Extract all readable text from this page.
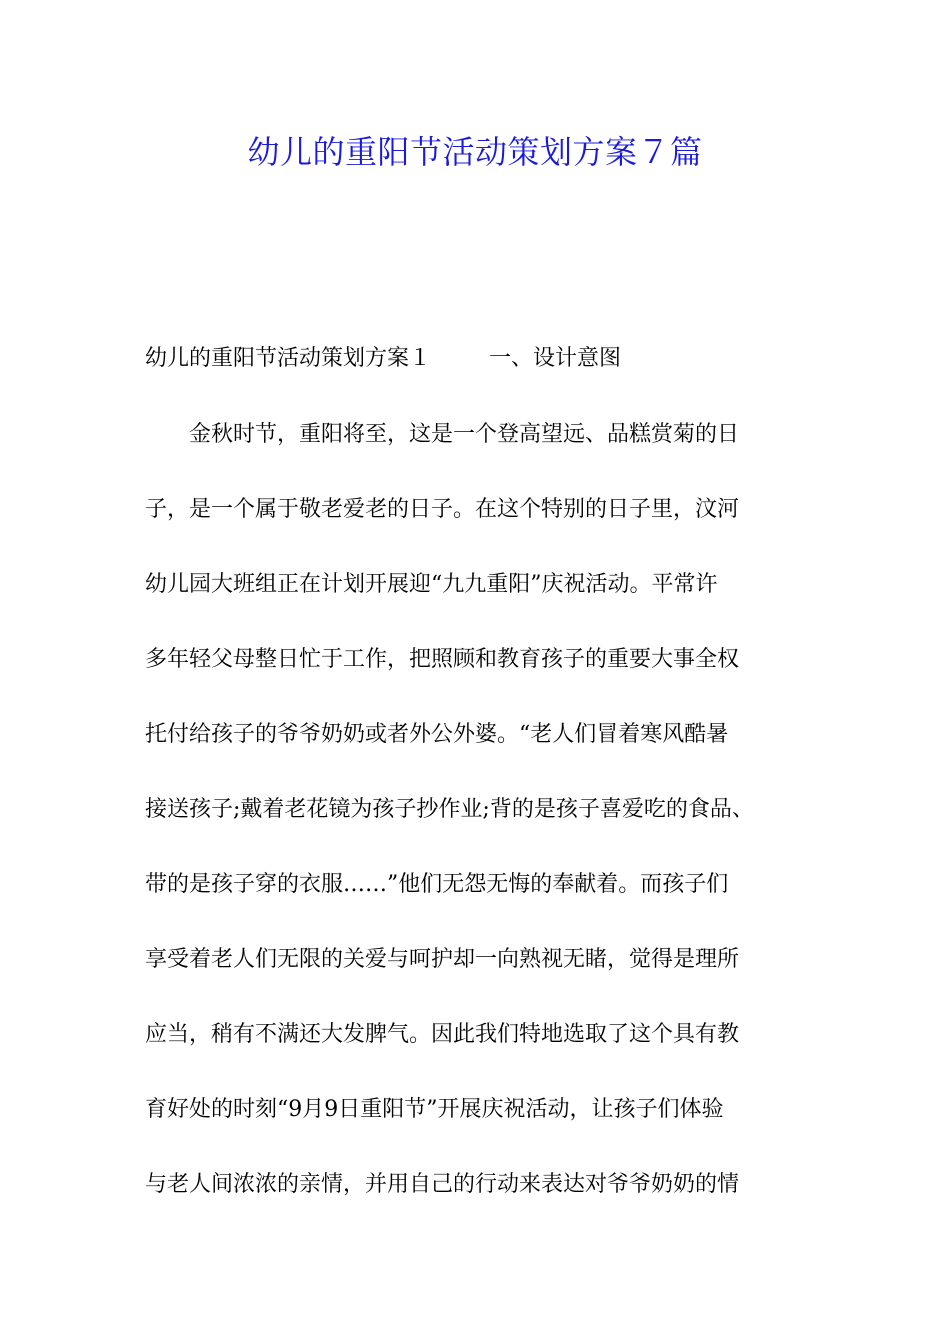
幼儿的重阳节活动策划方案７篇

幼儿的重阳节活动策划方案１	一、设计意图

　　金秋时节，重阳将至，这是一个登高望远、品糕赏菊的日

子，是一个属于敬老爱老的日子。在这个特别的日子里，汶河

幼儿园大班组正在计划开展迎“九九重阳”庆祝活动。平常许

多年轻父母整日忙于工作，把照顾和教育孩子的重要大事全权

托付给孩子的爷爷奶奶或者外公外婆。“老人们冒着寒风酷暑

接送孩子;戴着老花镜为孩子抄作业;背的是孩子喜爱吃的食品、

带的是孩子穿的衣服……”他们无怨无悔的奉献着。而孩子们

享受着老人们无限的关爱与呵护却一向熟视无睹，觉得是理所

应当，稍有不满还大发脾气。因此我们特地选取了这个具有教

育好处的时刻“9月9日重阳节”开展庆祝活动，让孩子们体验

与老人间浓浓的亲情，并用自己的行动来表达对爷爷奶奶的情
